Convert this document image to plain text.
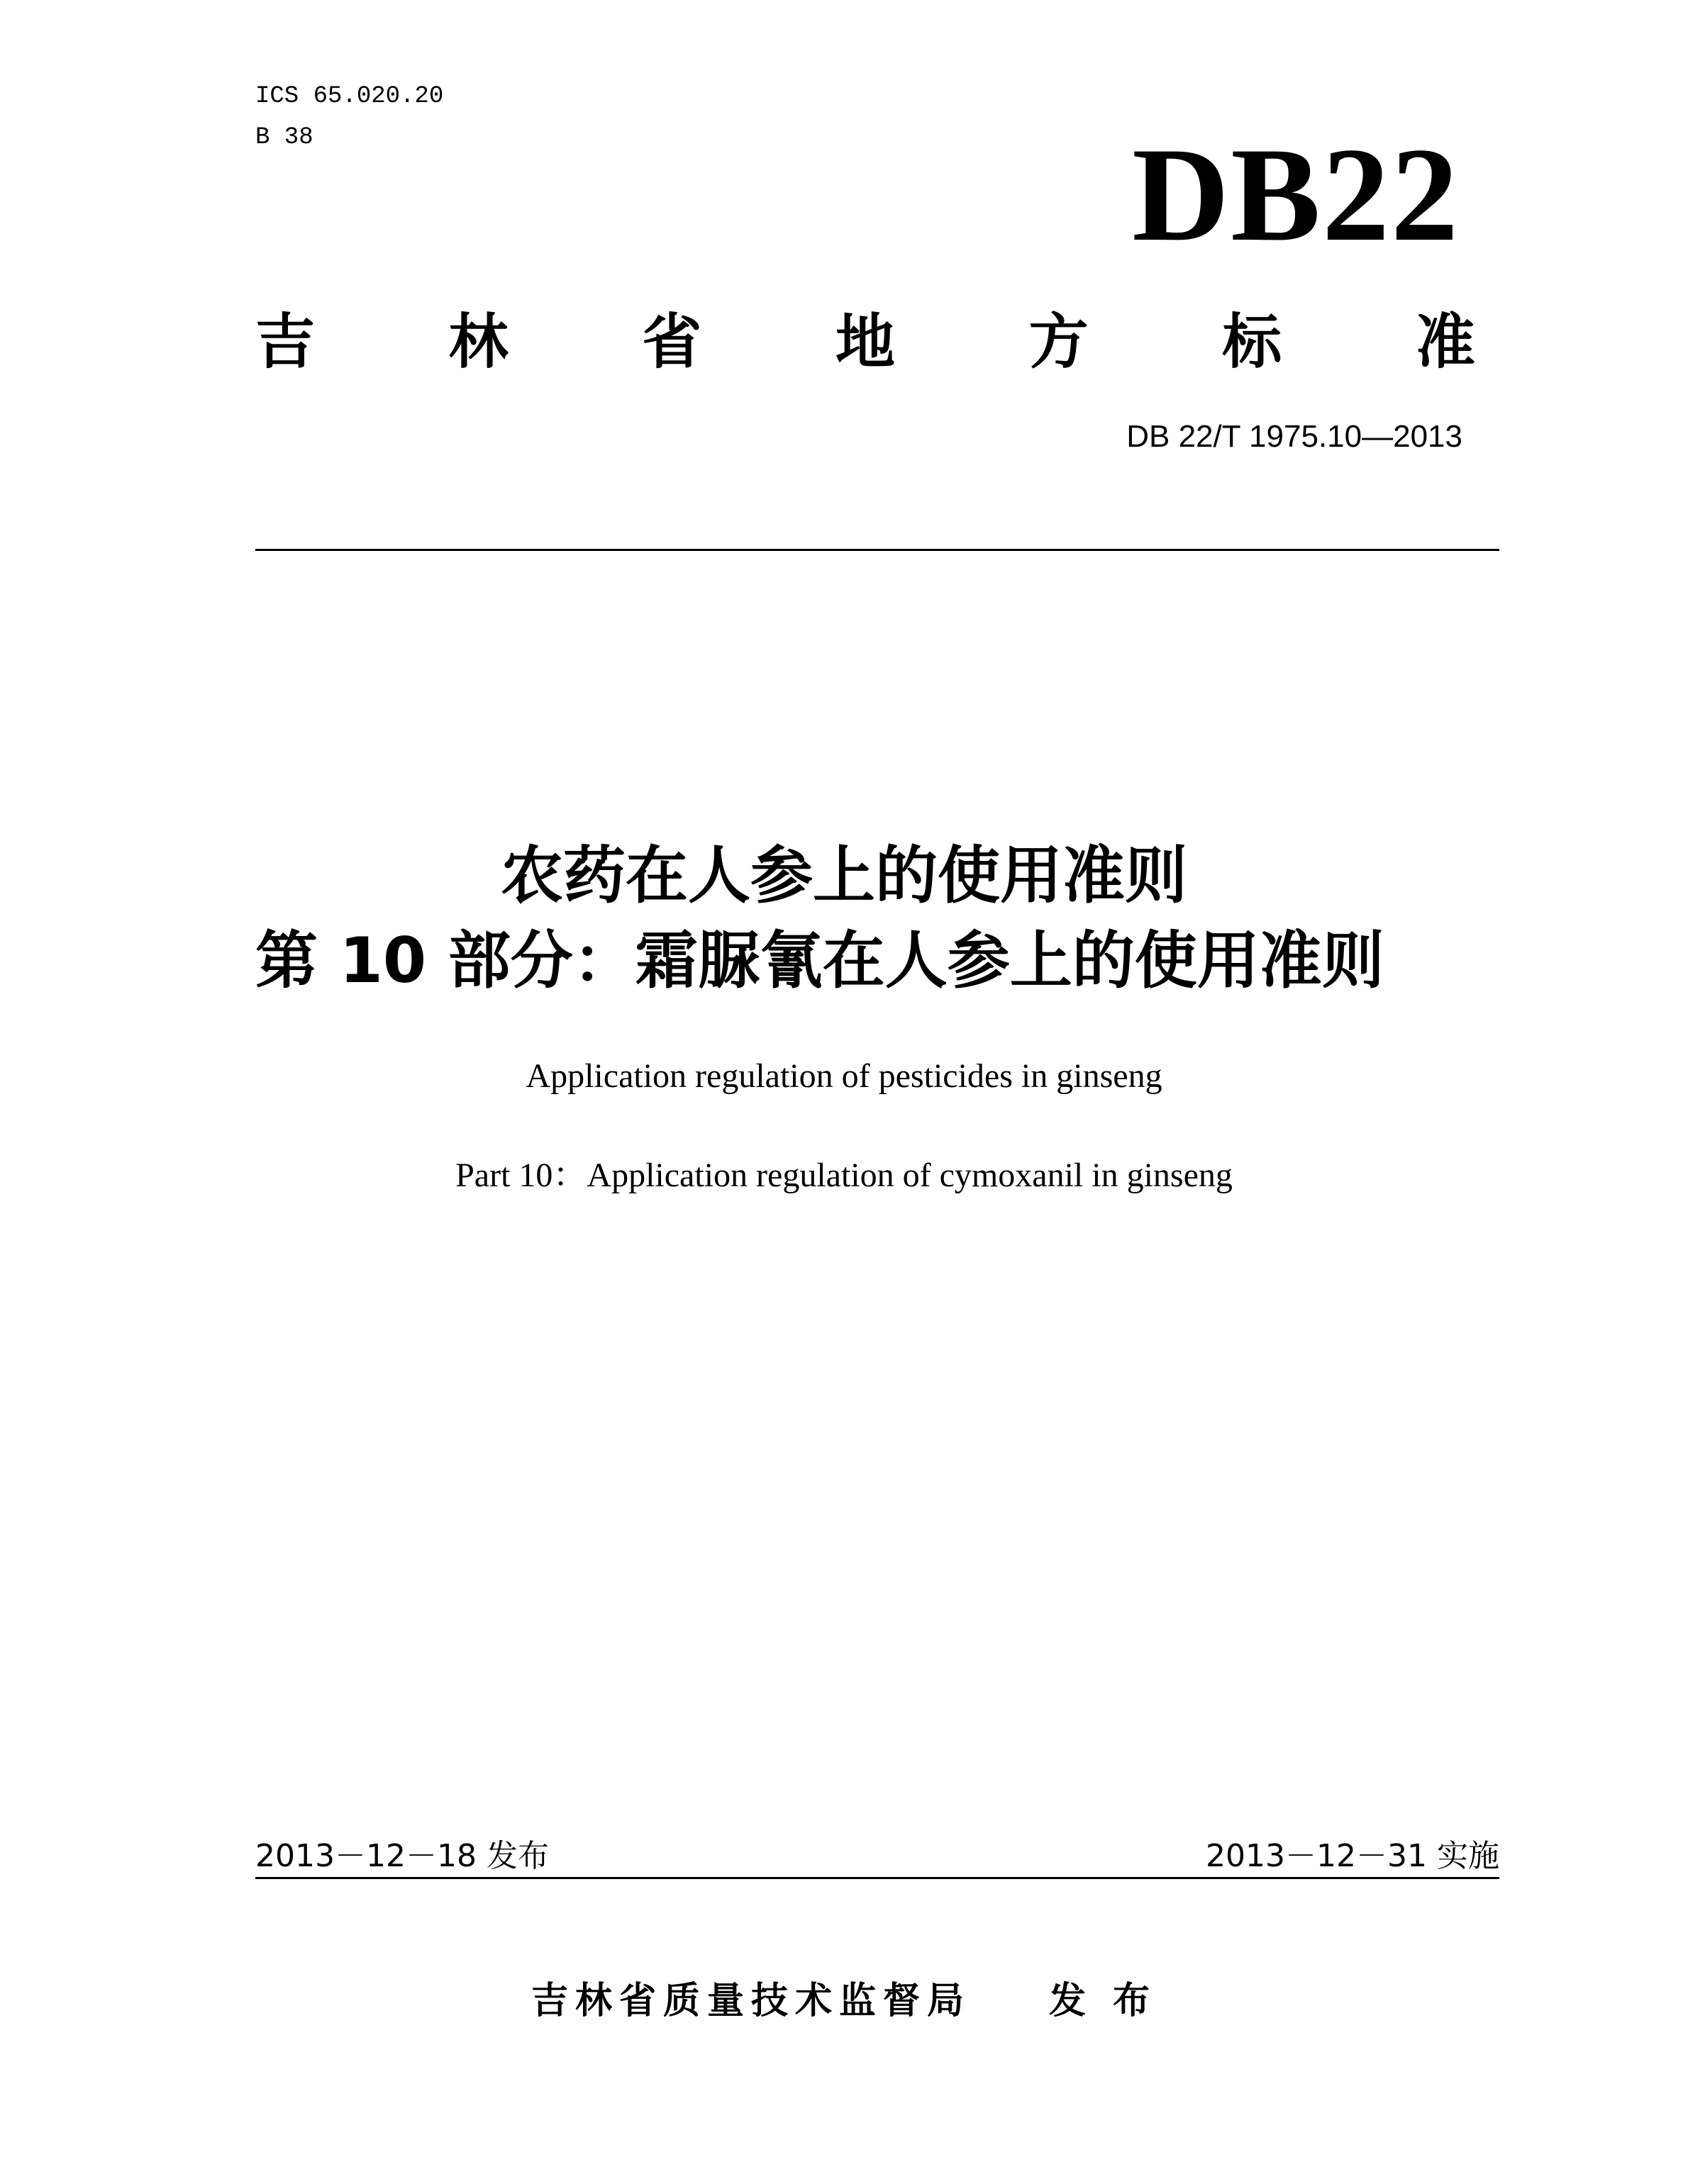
ICS 65.020.20
B 38	DB22
吉 林 省 地 方 标 准
DB 22/T 1975.10—2013
农药在人参上的使用准则
第 10 部分：霜脲氰在人参上的使用准则
Application regulation of pesticides in ginseng
Part 10：Application regulation of cymoxanil in ginseng
2013－12－18 发布	2013－12－31 实施
吉林省质量技术监督局 发 布
